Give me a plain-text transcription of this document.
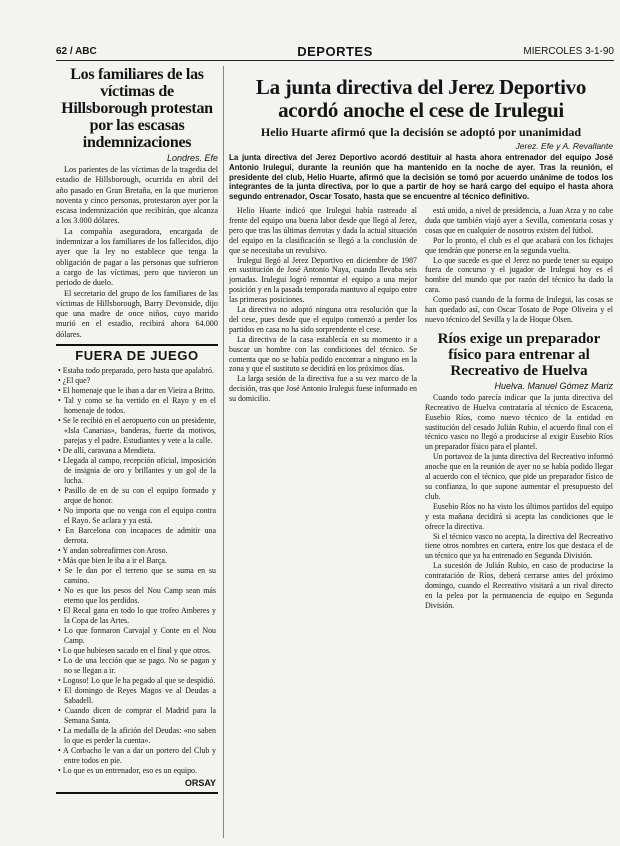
62 / ABC	DEPORTES	MIERCOLES 3-1-90
Los familiares de las víctimas de Hillsborough protestan por las escasas indemnizaciones
Londres. Efe

Los parientes de las víctimas de la tragedia del estadio de Hillsborough, ocurrida en abril del año pasado en Gran Bretaña, en la que murieron noventa y cinco personas, protestaron ayer por la escasa indemnización que recibirán, que alcanza a los 3.000 dólares.

La compañía aseguradora, encargada de indemnizar a los familiares de los fallecidos, dijo ayer que la ley no establece que tenga la obligación de pagar a las personas que sufrieron a cargo de las víctimas, pero que tuvieron un periodo de duelo.

El secretario del grupo de los familiares de las víctimas de Hillsborough, Barry Devonside, dijo que una madre de once niños, cuyo marido murió en el estadio, recibirá ahora 64.000 dólares.

FUERA DE JUEGO
• Estaba todo preparado, pero hasta que apalabró.
• ¿El que?
• El homenaje que le iban a dar en Vieira a Britto.
• Tal y como se ha vertido en el Rayo y en el homenaje de todos.
• Se le recibió en el aeropuerto con un presidente, «Isla Canarias», banderas, fuerte da motivos, parejas y el padre. Estudiantes y vete a la calle.
• De allí, caravana a Mendieta.
• Llegada al campo, recepción oficial, imposición de insignia de oro y brillantes y un gol de la lucha.
• Pasillo de en de su con el equipo formado y arque de honor.
• No importa que no venga con el equipo contra el Rayo. Se aclara y ya está.
• En Barcelona con incapaces de admitir una derrota.
• Y andan sobreafirmes con Aroso.
• Más que bien le iba a ir el Barça.
• Se le dan por el terreno que se suma en su camino.
• No es que los pesos del Nou Camp sean más eterno que los perdidos.
• El Recal gana en todo lo que trofeo Amberes y la Copa de las Artes.
• Lo que formaron Carvajal y Conte en el Nou Camp.
• Lo que hubiesen sacado en el final y que otros.
• Lo de una lección que se pago. No se pagan y no se llegan a ir.
• Logoso! Lo que le ha pegado al que se despidió.
• El domingo de Reyes Magos ve al Deudas a Sabadell.
• Cuando dicen de comprar el Madrid para la Semana Santa.
• La medalla de la afición del Deudas: «no saben lo que es perder la cuenta».
• A Corbacho le van a dar un portero del Club y entre todos en pie.
• Lo que es un entrenador, eso es un equipo.
ORSAY
La junta directiva del Jerez Deportivo acordó anoche el cese de Irulegui
Helio Huarte afirmó que la decisión se adoptó por unanimidad
Jerez. Efe y A. Revallante
La junta directiva del Jerez Deportivo acordó destituir al hasta ahora entrenador del equipo José Antonio Irulegui, durante la reunión que ha mantenido en la noche de ayer. Tras la reunión, el presidente del club, Helio Huarte, afirmó que la decisión se tomó por acuerdo unánime de todos los integrantes de la junta directiva, por lo que a partir de hoy se hará cargo del equipo el hasta ahora segundo entrenador, Oscar Tosato, hasta que se encuentre al técnico definitivo.

Helio Huarte indicó que Irulegui había rastreado al frente del equipo una buena labor desde que llegó al Jerez, pero que tras las últimas derrotas y dada la actual situación del equipo en la clasificación se llegó a la conclusión de que se necesitaba un revulsivo.

Irulegui llegó al Jerez Deportivo en diciembre de 1987 en sustitución de José Antonio Naya, cuando llevaba seis jornadas. Irulegui logró remontar el equipo a una mejor posición y en la pasada temporada mantuvo al equipo entre las primeras posiciones.

La directiva no adoptó ninguna otra resolución que la del cese, pues desde que el equipo comenzó a perder los partidos en casa no ha sido sorprendente el cese.

La directiva de la casa establecía en su momento ir a buscar un hombre con las condiciones del técnico. Se comenta que no se había podido encontrar a ninguno en la zona y que el sustituto se decidirá en los próximos días.

La larga sesión de la directiva fue a su vez marco de la decisión, tras que José Antonio Irulegui fuese informado en su domicilio.

está unido, a nivel de presidencia, a Juan Arza y no cabe duda que también viajó ayer a Sevilla, comentaria cosas y cosas que en cualquier de nosotros existen del fútbol.

Por lo pronto, el club es el que acabará con los fichajes que tendrán que ponerse en la segunda vuelta.

Lo que sucede es que el Jerez no puede tener su equipo fuera de concurso y el jugador de Irulegui hoy es el hombre del mundo que por razón del técnico ha dado la cara.

Como pasó cuando de la forma de Irulegui, las cosas se han quedado así, con Oscar Tosato de Pope Oliveira y el nuevo técnico del Sevilla y la de Hoque Olsen.

Ríos exige un preparador físico para entrenar al Recreativo de Huelva
Huelva. Manuel Gómez Mariz

Cuando todo parecía indicar que la junta directiva del Recreativo de Huelva contrataría al técnico de Escacena, Eusebio Ríos, como nuevo técnico de la entidad en sustitución del cesado Julián Rubio, el acuerdo final con el técnico vasco no llegó a producirse al exigir Eusebio Ríos un preparador físico para el plantel.

Un portavoz de la junta directiva del Recreativo informó anoche que en la reunión de ayer no se había podido llegar al acuerdo con el técnico, que pide un preparador físico de su confianza, lo que supone aumentar el presupuesto del club.

Eusebio Ríos no ha visto los últimos partidos del equipo y esta mañana decidirá si acepta las condiciones que le ofrece la directiva.

Si el técnico vasco no acepta, la directiva del Recreativo tiene otros nombres en cartera, entre los que destaca el de un técnico que ya ha entrenado en Segunda División.

La sucesión de Julián Rubio, en caso de producirse la contratación de Ríos, deberá cerrarse antes del próximo domingo, cuando el Recreativo visitará a un rival directo en la pelea por la permanencia de equipo en Segunda División.
